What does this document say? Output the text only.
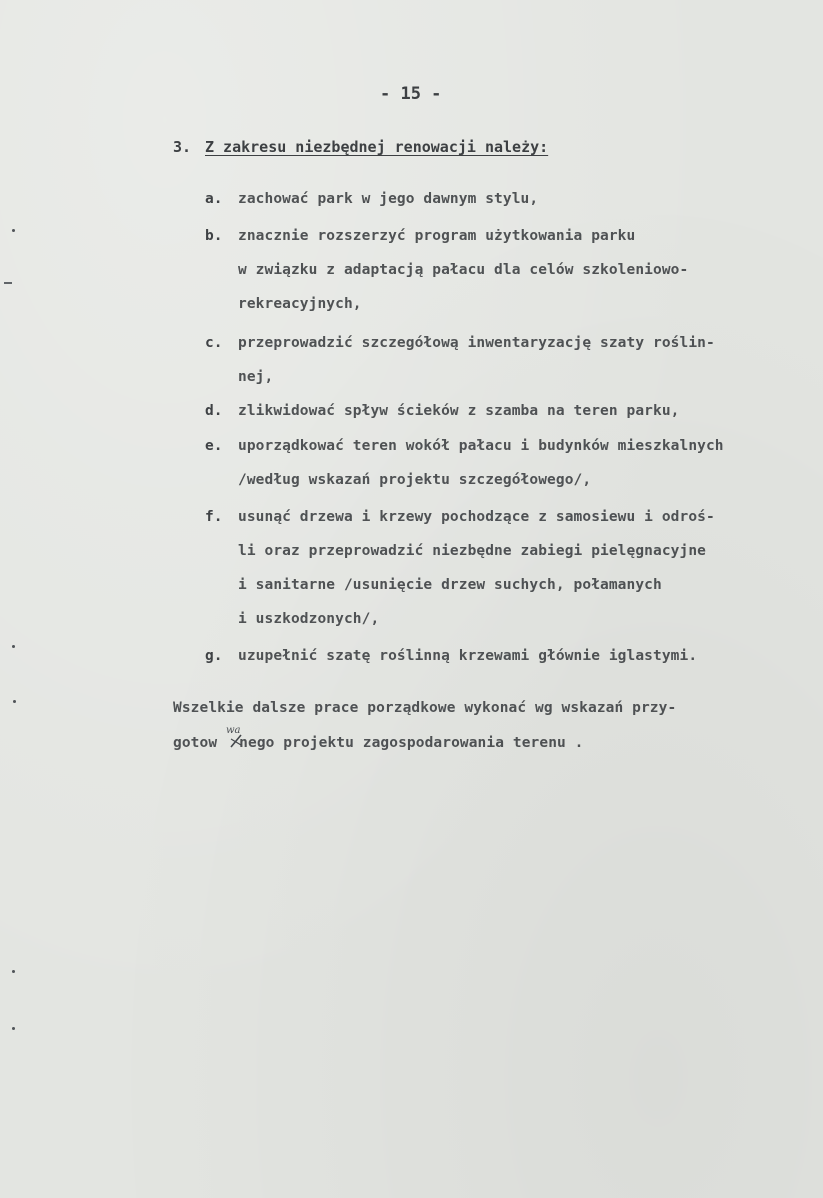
- 15 -
3. Z zakresu niezbędnej renowacji należy:
a.	zachować park w jego dawnym stylu,
b.	znacznie rozszerzyć program użytkowania parku
w związku z adaptacją pałacu dla celów szkoleniowo-
rekreacyjnych,
c.	przeprowadzić szczegółową inwentaryzację szaty roślin-
nej,
d.	zlikwidować spływ ścieków z szamba na teren parku,
e.	uporządkować teren wokół pałacu i budynków mieszkalnych
/według wskazań projektu szczegółowego/,
f.	usunąć drzewa i krzewy pochodzące z samosiewu i odroś-
li oraz przeprowadzić niezbędne zabiegi pielęgnacyjne
i sanitarne /usunięcie drzew suchych, połamanych
i uszkodzonych/,
g.	uzupełnić szatę roślinną krzewami głównie iglastymi.
Wszelkie dalsze prace porządkowe wykonać wg wskazań przy-
gotow nego projektu zagospodarowania terenu .
wa
